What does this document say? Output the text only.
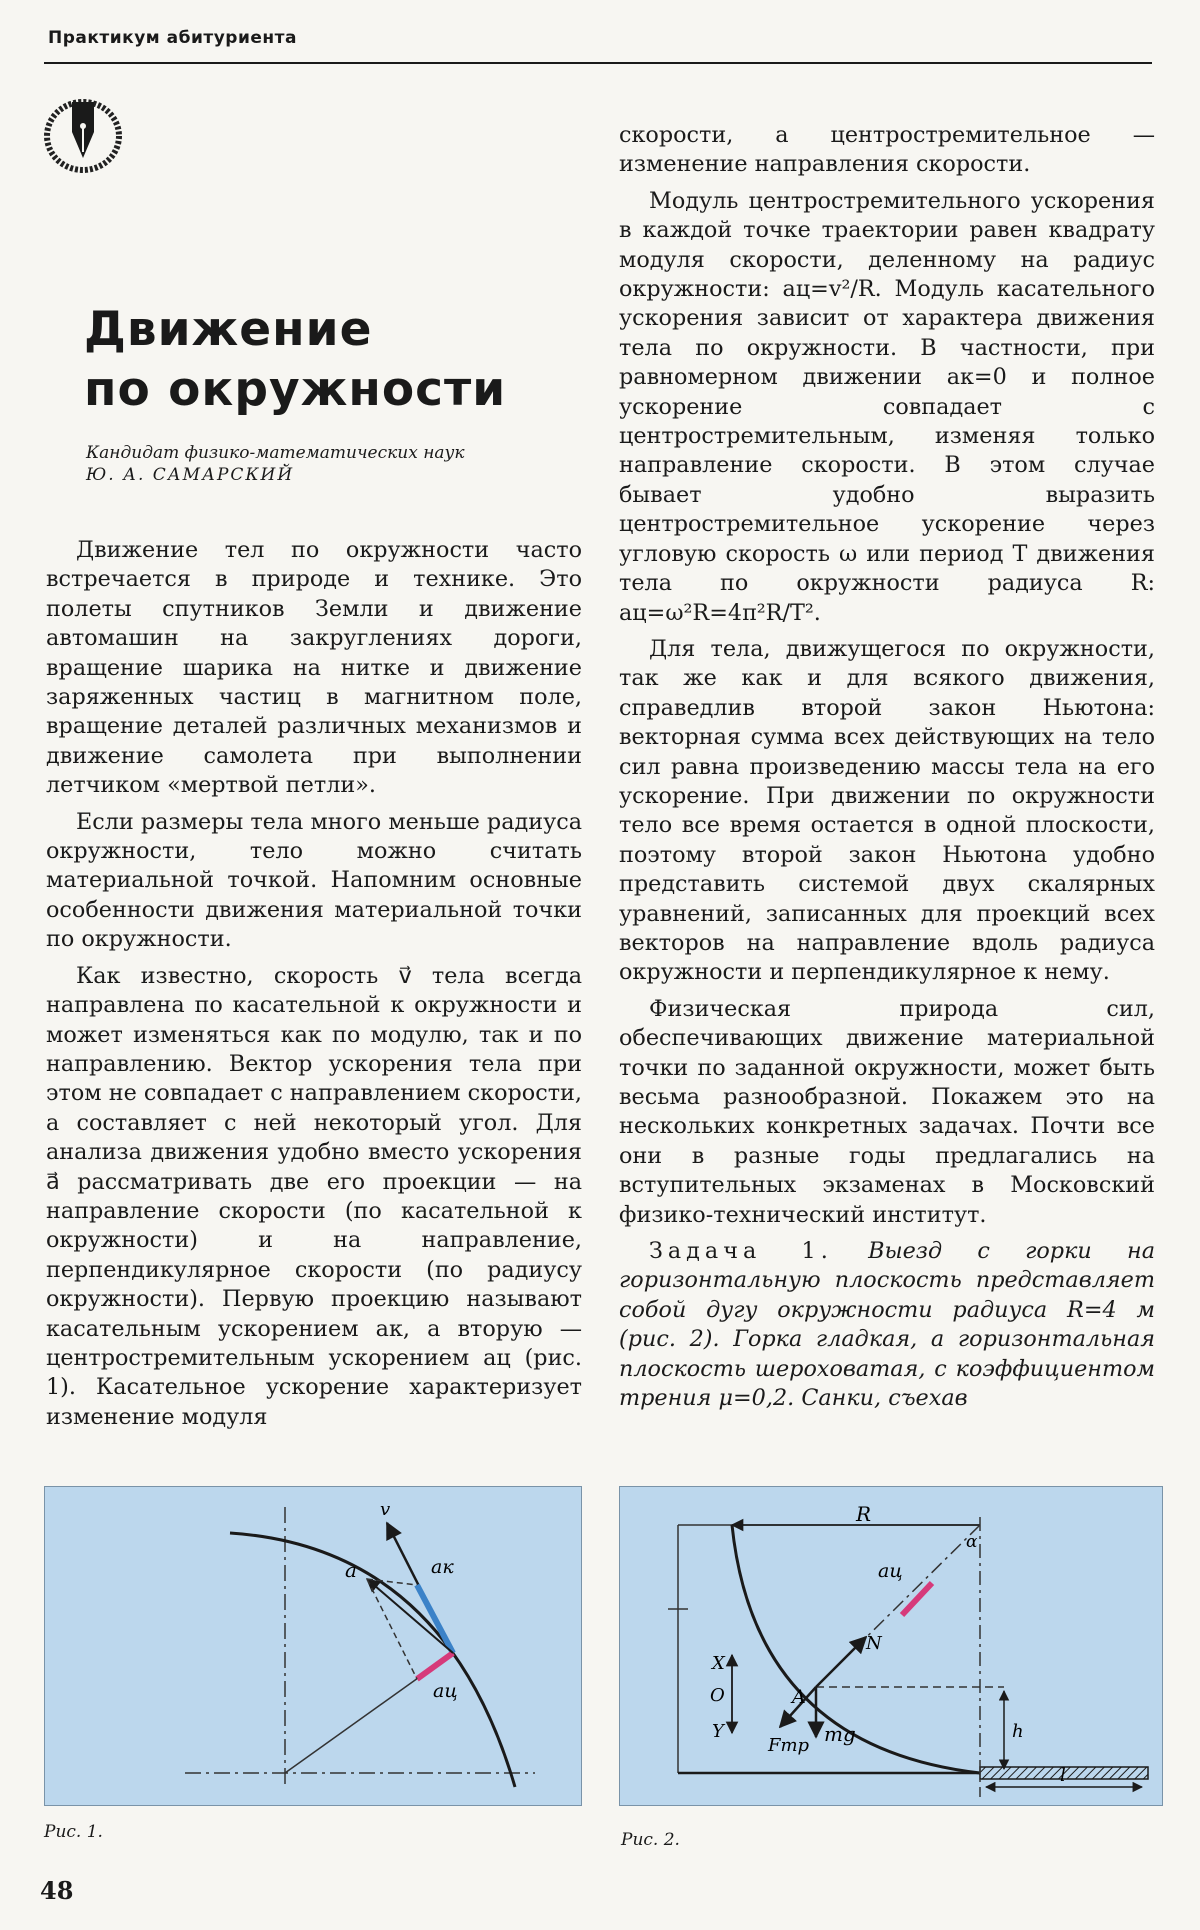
Практикум абитуриента
Движение
по окружности
Кандидат физико-математических наук
Ю. А. САМАРСКИЙ

Движение тел по окружности часто встречается в природе и технике. Это полеты спутников Земли и движение автомашин на закруглениях дороги, вращение шарика на нитке и движение заряженных частиц в магнитном поле, вращение деталей различных механизмов и движение самолета при выполнении летчиком «мертвой петли».

Если размеры тела много меньше радиуса окружности, тело можно считать материальной точкой. Напомним основные особенности движения материальной точки по окружности.

Как известно, скорость v⃗ тела всегда направлена по касательной к окружности и может изменяться как по модулю, так и по направлению. Вектор ускорения тела при этом не совпадает с направлением скорости, а составляет с ней некоторый угол. Для анализа движения удобно вместо ускорения a⃗ рассматривать две его проекции — на направление скорости (по касательной к окружности) и на направление, перпендикулярное скорости (по радиусу окружности). Первую проекцию называют касательным ускорением aк, а вторую — центростремительным ускорением aц (рис. 1). Касательное ускорение характеризует изменение модуля

скорости, а центростремительное — изменение направления скорости.

Модуль центростремительного ускорения в каждой точке траектории равен квадрату модуля скорости, деленному на радиус окружности: aц=v²/R. Модуль касательного ускорения зависит от характера движения тела по окружности. В частности, при равномерном движении aк=0 и полное ускорение совпадает с центростремительным, изменяя только направление скорости. В этом случае бывает удобно выразить центростремительное ускорение через угловую скорость ω или период T движения тела по окружности радиуса R: aц=ω²R=4π²R/T².

Для тела, движущегося по окружности, так же как и для всякого движения, справедлив второй закон Ньютона: векторная сумма всех действующих на тело сил равна произведению массы тела на его ускорение. При движении по окружности тело все время остается в одной плоскости, поэтому второй закон Ньютона удобно представить системой двух скалярных уравнений, записанных для проекций всех векторов на направление вдоль радиуса окружности и перпендикулярное к нему.

Физическая природа сил, обеспечивающих движение материальной точки по заданной окружности, может быть весьма разнообразной. Покажем это на нескольких конкретных задачах. Почти все они в разные годы предлагались на вступительных экзаменах в Московский физико-технический институт.

Задача 1. Выезд с горки на горизонтальную плоскость представляет собой дугу окружности радиуса R=4 м (рис. 2). Горка гладкая, а горизонтальная плоскость шероховатая, с коэффициентом трения μ=0,2. Санки, съехав

v
a	aк
aц
Рис. 1.
R
aц
α
X
O
Y
A
N
Fтр mg	h
l
Рис. 2.
48
